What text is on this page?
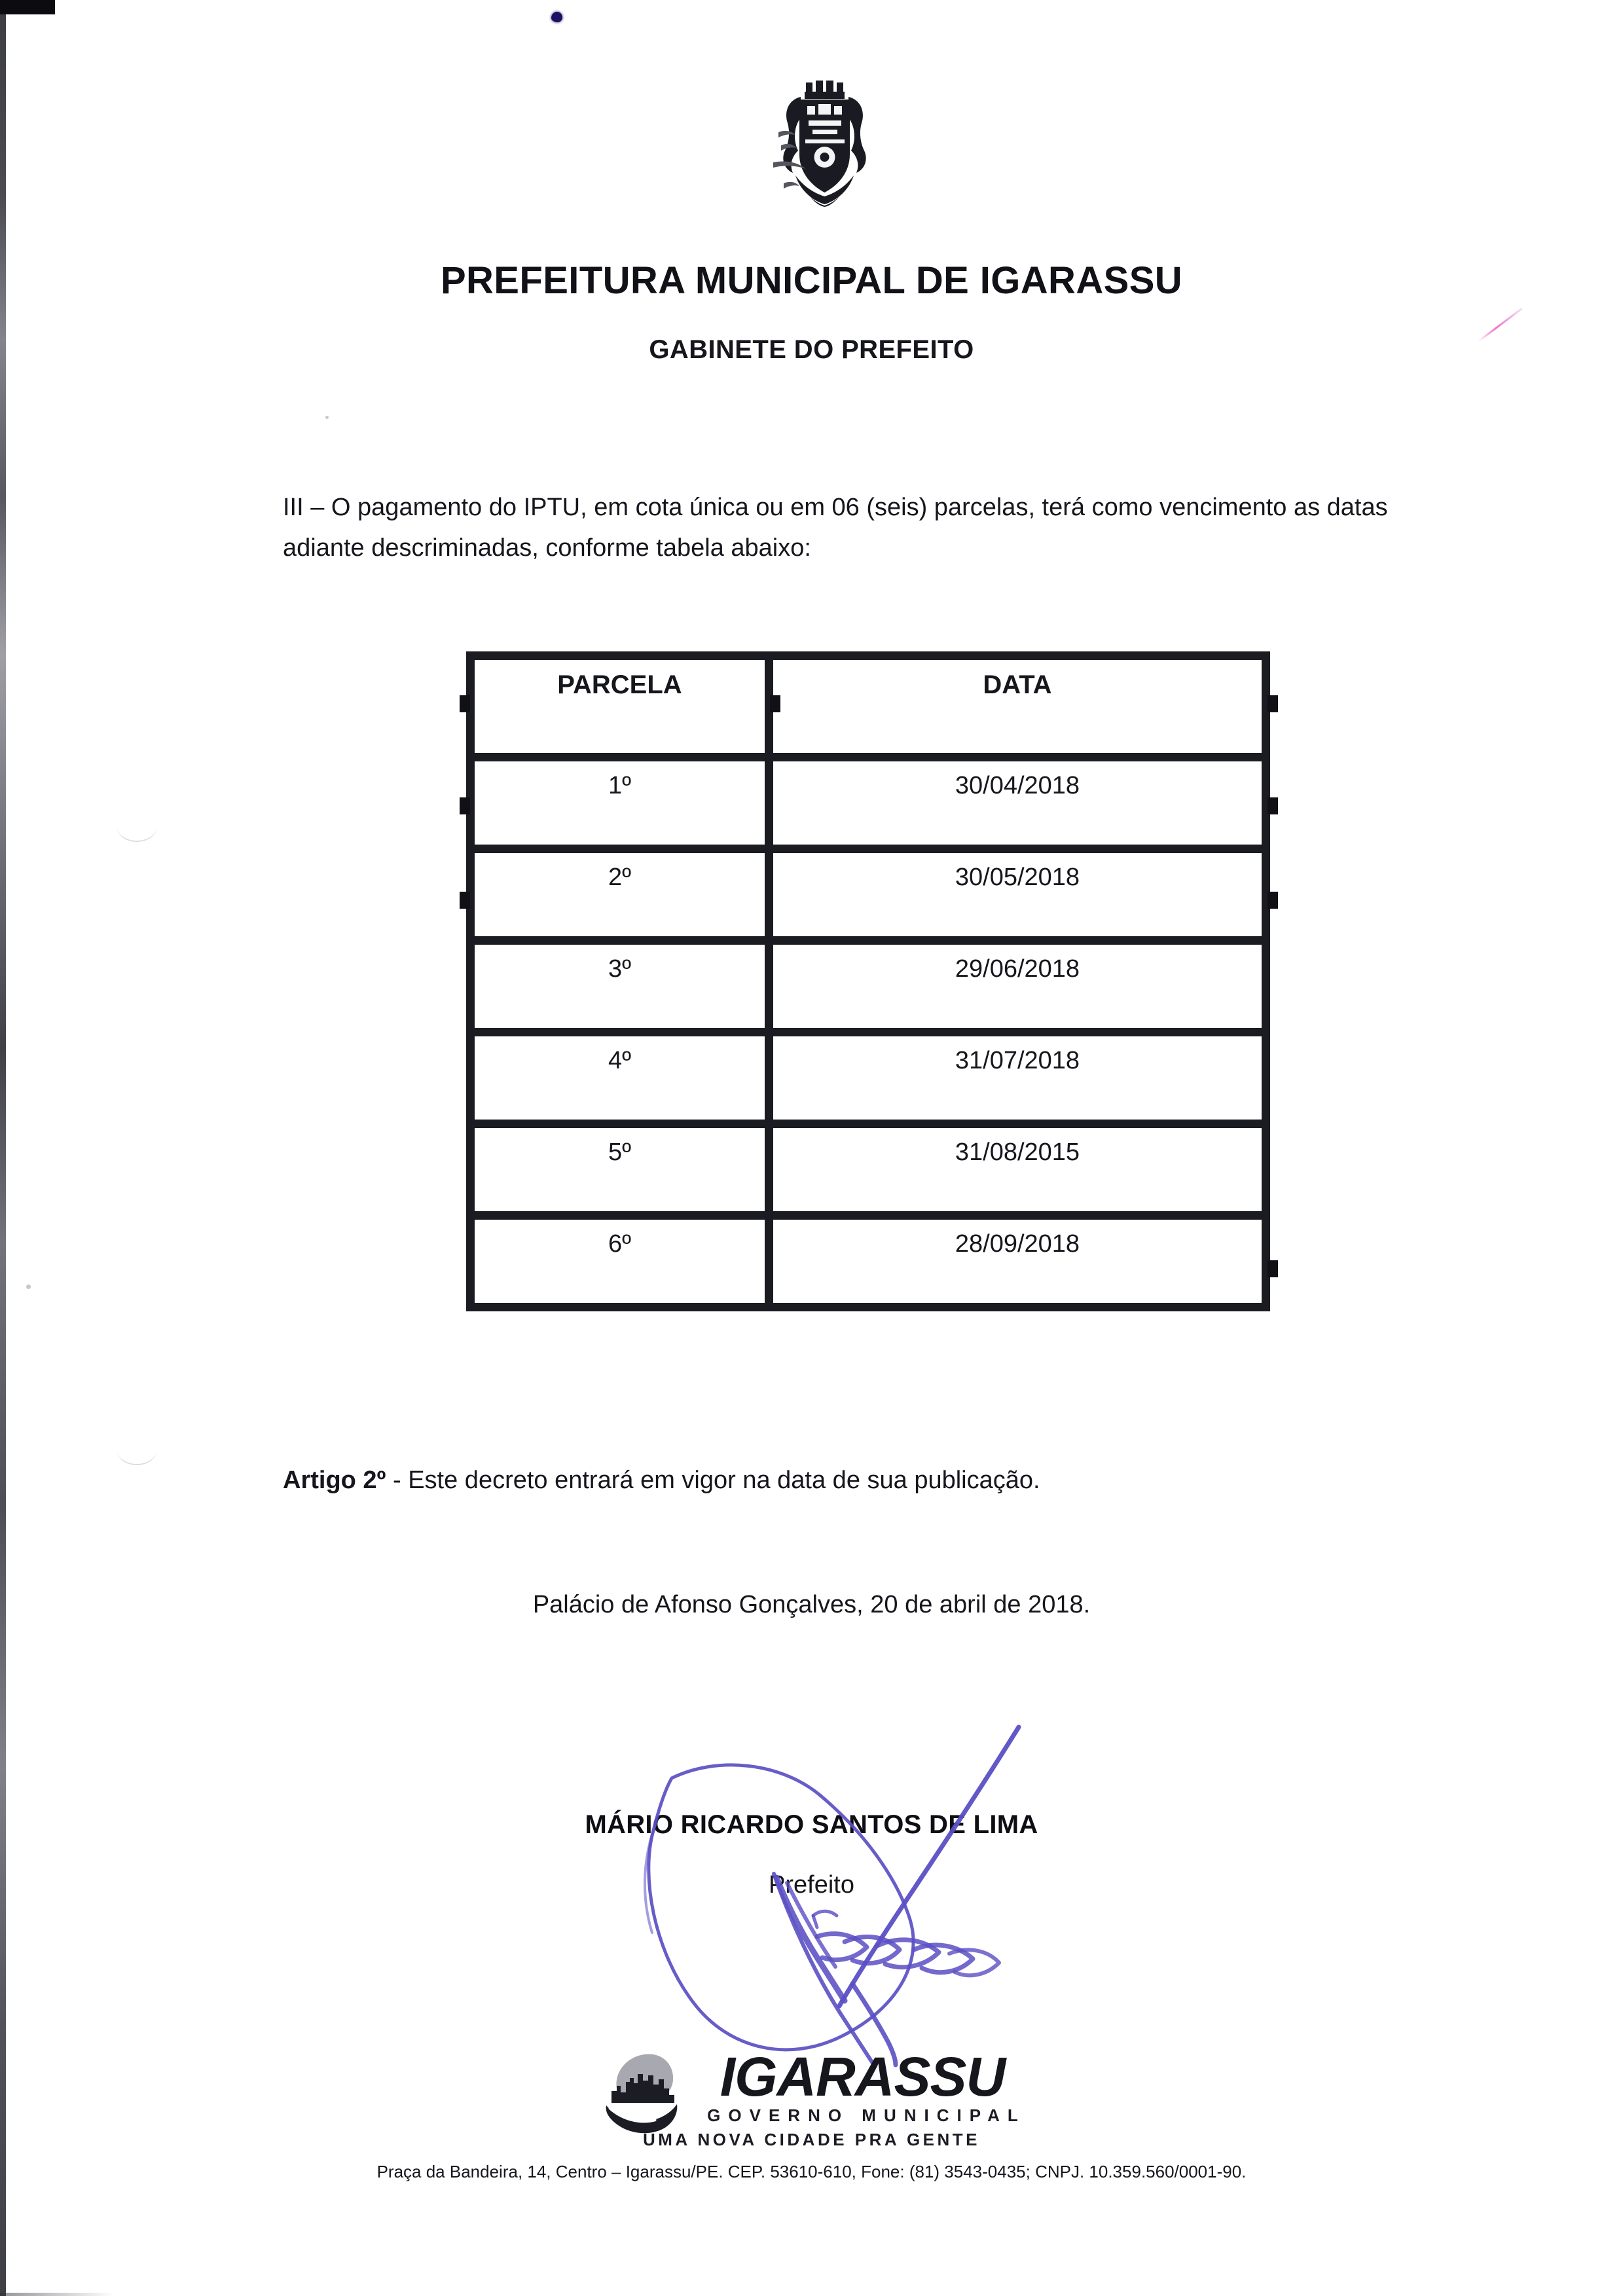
PREFEITURA MUNICIPAL DE IGARASSU
GABINETE DO PREFEITO
III – O pagamento do IPTU, em cota única ou em 06 (seis) parcelas, terá como vencimento as datas adiante descriminadas, conforme tabela abaixo:
PARCELA	DATA

1º	30/04/2018

2º	30/05/2018

3º	29/06/2018

4º	31/07/2018

5º	31/08/2015

6º	28/09/2018
Artigo 2º - Este decreto entrará em vigor na data de sua publicação.
Palácio de Afonso Gonçalves, 20 de abril de 2018.
MÁRIO RICARDO SANTOS DE LIMA
Prefeito
IGARASSU
GOVERNO MUNICIPAL
UMA NOVA CIDADE PRA GENTE
Praça da Bandeira, 14, Centro – Igarassu/PE. CEP. 53610-610, Fone: (81) 3543-0435; CNPJ. 10.359.560/0001-90.
